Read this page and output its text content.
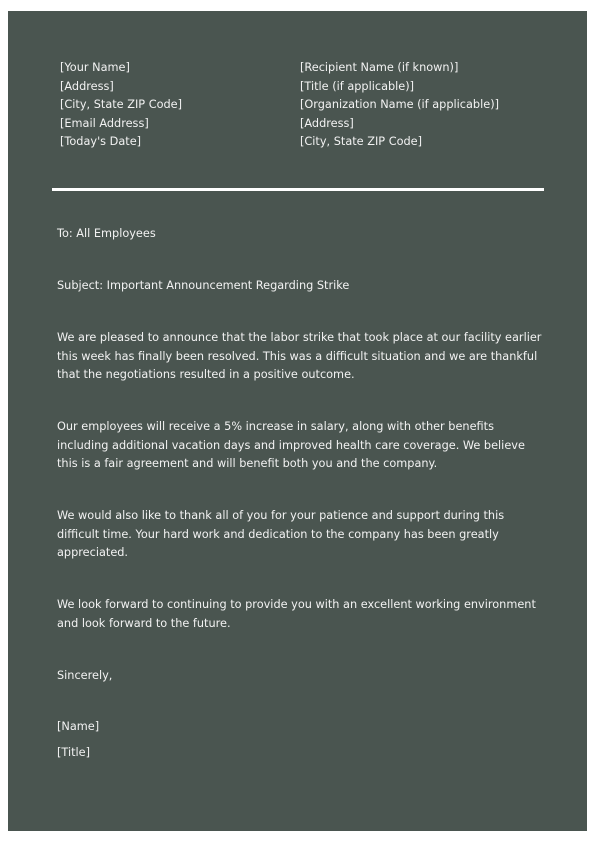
[Your Name]
[Address]
[City, State ZIP Code]
[Email Address]
[Today's Date]
[Recipient Name (if known)]
[Title (if applicable)]
[Organization Name (if applicable)]
[Address]
[City, State ZIP Code]

To: All Employees

Subject: Important Announcement Regarding Strike

We are pleased to announce that the labor strike that took place at our facility earlier this week has finally been resolved. This was a difficult situation and we are thankful that the negotiations resulted in a positive outcome.

Our employees will receive a 5% increase in salary, along with other benefits including additional vacation days and improved health care coverage. We believe this is a fair agreement and will benefit both you and the company.

We would also like to thank all of you for your patience and support during this difficult time. Your hard work and dedication to the company has been greatly appreciated.

We look forward to continuing to provide you with an excellent working environment and look forward to the future.

Sincerely,

[Name]

[Title]
